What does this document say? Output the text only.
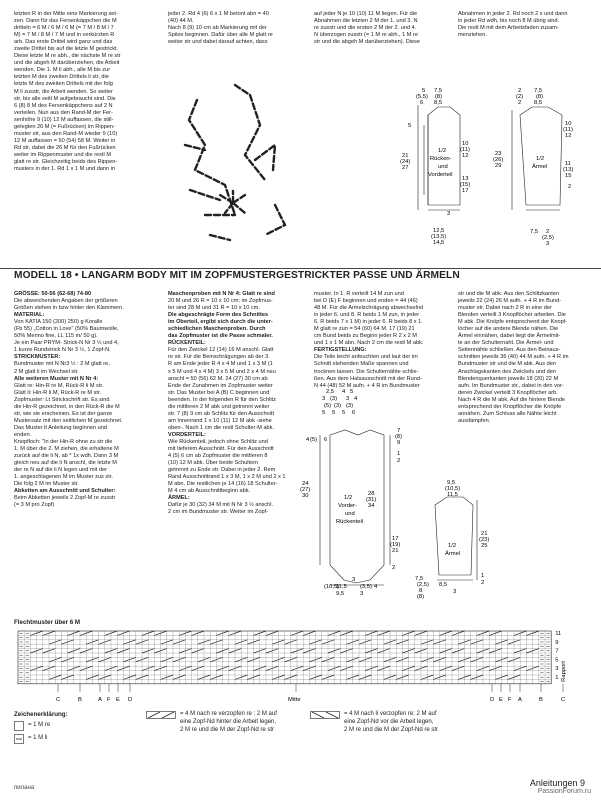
letzten R in der Mitte eine Markierung set-

zen. Dann für das Fersenkäppchen die M

dritteln = 6 M / 6 M / 6 M (= 7 M / 8 M / 7

M) = 7 M / 8 M / 7 M und in verkürzten R

arb. Das erste Drittel wird ganz und das

zweite Drittel bis auf die letzte M gestrickt.

Diese letzte M re abh., die nächste M re str

und die abgeh M darüberziehen, die Arbeit

wenden. Die 1. M li abh., alle M bis zur

letzten M des zweiten Drittels li str, die

letzte M des zweiten Drittels mit der folg

M li zusstr, die Arbeit wenden. So weiter

str, bis alle seitl M aufgebraucht sind. Die

6 (8) 8 M des Fersenkäppchens auf 2 N

verteilen. Nun aus den Rand-M der Fer-

senhöhe 9 (10) 12 M auffassen, die still-

gelegten 26 M (= Fußrücken) im Rippen-

muster str, aus den Rand-M wieder 9 (10)

12 M auffassen = 50 (54) 58 M. Weiter in

Rd str, dabei die 26 M für den Fußrücken

weiter im Rippenmuster und die restl M

glatt re str. Gleichzeitig beids des Rippen-

musters in der 1. Rd 1 x 1 M und dann in

jeder 2. Rd 4 (6) 6 x 1 M betont abn = 40

(40) 44 M.

Nach 8 (9) 10 cm ab Markierung mit der

Spitze beginnen. Dafür über alle M glatt re

weiter str und dabei darauf achten, dass

auf jeder N je 10 (10) 11 M liegen. Für die

Abnahmen die letzten 2 M der 1. und 3. N

re zusstr und die ersten 2 M der 2. und 4.

N überzogen zusstr (= 1 M re abh., 1 M re

str und die abgeh M darüberziehen). Diese

Abnahmen in jeder 2. Rd noch 2 x und dann

in jeder Rd wdh, bis noch 8 M übrig sind.

Die restl M mit dem Arbeitsfaden zusam-

menziehen.

7,5
(8)
8,5
5
(5,5)
6
5
21
(24)
27
10
(11)
12
13
(15)
17
1/2
Rücken-
und
Vorderteil
3
12,5
(13,5)
14,5
7,5
(8)
8,5
2
(2)
2
10
(11)
12
23
(26)
29	11
(13)
15
1/2
Ärmel
2
7,5 2
(2,5)
3
MODELL 18 • LANGARM BODY MIT IM ZOPFMUSTERGESTRICKTER PASSE UND ÄRMELN

GRÖSSE: 50-56 (62-68) 74-80

Die abweichenden Angaben der größeren

Größen stehen in bzw hinter den Klammern.

MATERIAL:

Von KATIA 150 (200) 250) g Koralle

(Fb 55) „Cotton in Love" (50% Baumwolle,

50% Merino fine, LL 115 m/ 50 g).

Je ein Paar PRYM- Strick-N Nr 3 ½ und 4,

1 kurze Rundstrick N Nr 3 ½, 1 Zopf-N.

STRICKMUSTER:

Bundmuster mit N Nr3 ½ : 2 M glatt re,

2 M glatt li im Wechsel str.

Alle weiteren Muster mit N Nr 4:

Glatt re: Hin-R re M, Rück-R li M str.

Glatt li: Hin-R li M, Rück-R re M str.

Zopfmuster: Lt Strickschrift str. Es sind

die Hin-R gezeichnet, in den Rück-R die M

str, wie sie erscheinen. Es ist der ganze

Mustersatz mit den seitlichen M gezeichnet.

Das Muster lt Anleitung beginnen und

enden.

Knopfloch: "In der Hin-R ohne zu str die

1. M über die 2. M ziehen, die erhaltene M

zurück auf die li N, ab * 1x wdh. Dann 3 M

gleich neu auf die li N anschl, die letzte M

der re N auf die li N legen und mit der

1. angeschlagenen M im Muster zus str.

Die folg 2 M im Muster str.

Abketten am Ausschnitt und Schulter:

Beim Abketten jeweils 2 Zopf-M re zusstr

(= 3 M pro Zopf)

Maschenproben mit N Nr 4: Glatt re sind

20 M und 26 R = 10 x 10 cm; im Zopfmus-

ter sind 28 M und 31 R = 10 x 10 cm.

Die abgeschrägte Form des Schnittes

im Oberteil, ergibt sich durch die unter-

schiedlichen Maschenproben. Durch

das Zopfmuster ist die Passe schmaler.

RÜCKENTEIL:

Für den Zwickel 12 (14) 16 M anschl. Glatt

re str. Für die Beinschrägungen ab der 3.

R am Ende jeder R 4 x 4 M und 1 x 3 M (1

x 5 M und 4 x 4 M) 3 x 5 M und 2 x 4 M neu

anschl = 50 (56) 62 M. 24 (27) 30 cm ab

Ende der Zunahmen im Zopfmuster weiter

str. Das Muster bei A (B) C beginnen und

beenden. In der folgenden R für den Schlitz

die mittleren 2 M abk und getrennt weiter

str. 7 (8) 9 cm ab Schlitz für den Ausschnitt

am Innenrand 1 x 10 (11) 12 M abk -siehe

oben-. Nach 1 cm die restl Schulter-M abk.

VORDERTEIL:

Wie Rückenteil, jedoch ohne Schlitz und

mit tieferem Ausschnitt. Für den Ausschnitt

4 (5) 6 cm ab Zopfmuster die mittleren 8

(10) 12 M abk. Über beide Schultern

getrennt zu Ende str. Dabei in jeder 2. Rem

Rand Ausschnittrand 1 x 3 M, 1 x 2 M und 2 x 1

M abn. Die restlichen je 14 (16) 18 Schulter-

M 4 cm ab Ausschnittbeginn abk.

ÄRMEL:

Dafür je 30 (32) 34 M mit N Nr 3 ½ anschl.

2 cm im Bundmuster str. Weiter im Zopf-

muster. In 1. R verteilt 14 M zun und

bei D (E) F beginnen und enden = 44 (46)

48 M. Für die Armelschrägung abwechselnd

in jeder 6. und 8. R beids 1 M zun, in jeder

6. R beids 7 x 1 M) in jeder 6. R beids 8 x 1

M glatt re zun = 54 (60) 64 M. 17 (19) 21

cm Bund beids zu Beginn jeder R 2 x 2 M

und 1 x 1 M abn. Nach 2 cm die restl M abk.

FERTIGSTELLUNG:

Die Teile leicht anfeuchten und laut der im

Schnitt stehenden Maße spannen und

trocknen lassen. Die Schulternähte schlie-

ßen. Aus dem Halsausschnitt mit der Rund-

N 44 (48) 52 M aufn. + 4 R im Bundmuster

str und die M abk. Aus den Schlitzkanten

jeweils 22 (24) 26 M aufn. + 4 R im Bund-

muster str. Dabei nach 2 R in eine der

Blenden verteilt 3 Knopflöcher arbeiten. Die

M abk. Die Knöpfe entsprechend der Knopf-

löcher auf die andere Blende nähen. Die

Ärmel einnähen, dabei liegt die Ärmelmit-

te an der Schulternaht. Die Ärmel- und

Seitennähte schließen. Aus den Beinaus-

schnitten jeweils 36 (40) 44 M aufn. + 4 R im

Bundmuster str und die M abk. Aus den

Anschlagskanten des Zwickels und den

Blendenquerkanten jeweils 18 (20) 22 M

aufn. Im Bundmuster str., dabei in den vor-

deren Zwickel verteilt 3 Knopflöcher arb.

Nach 4 R die M abk. Auf die hintere Blende

entsprechend der Knopflöcher die Knöpfe

annähen. Zum Schluss alle Nähte leicht

ausdämpfen.

2,5 4 5
3 (3) 3 4
(5) (3) (3)
5 5 5 6
4 (5) 6
24
(27)
30
7
(8)
9
1
2
17
(19)
21
28
(31)
34
1/2
Vorder-
und
Rückenteil
2
9,5
(10,5)
11,5
3
(3,5) 4
3
9,5
(10,5)
11,5
21
(23)
25
1/2
Ärmel
1
2
7,5
(2,5)
8
(8)
8,5
3
Flechtmuster über 6 M
11
9
7
5
3
1 Rapport
C	B	A F E D	Mitte	D E F A	B	C
Zeichenerklärung:
= 1 M re
= 1 M li
= 4 M nach re verzopfen re : 2 M auf
eine Zopf-Nd hinter die Arbeit legen,
2 M re und die M der Zopf-Nd re str
= 4 M nach li verzopfen re: 2 M auf
eine Zopf-Nd vor die Arbeit legen,
2 M re und die M der Zopf-Nd re str
Anleitungen 9
пилана	PassionForum.ru
